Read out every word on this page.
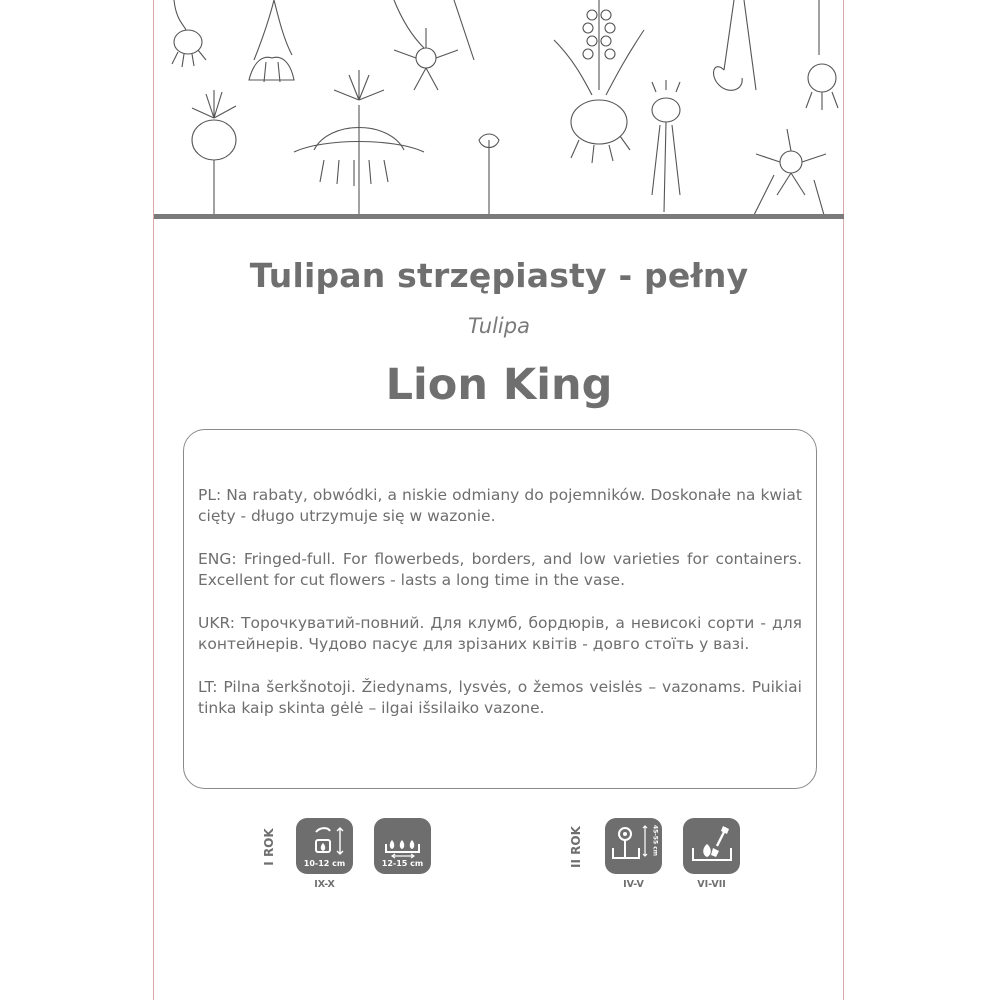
Tulipan strzępiasty - pełny
Tulipa
Lion King

PL: Na rabaty, obwódki, a niskie odmiany do pojemników. Doskonałe na kwiat cięty - długo utrzymuje się w wazonie.

ENG: Fringed-full. For flowerbeds, borders, and low varieties for containers. Excellent for cut flowers - lasts a long time in the vase.

UKR: Торочкуватий-повний. Для клумб, бордюрів, а невисокі сорти - для контейнерів. Чудово пасує для зрізаних квітів - довго стоїть у вазі.

LT: Pilna šerkšnotoji. Žiedynams, lysvės, o žemos veislės – vazonams. Puikiai tinka kaip skinta gėlė – ilgai išsilaiko vazone.

I ROK	10-12 cm
IX-X
12-15 cm	II ROK	45-55 cm
IV-V	VI-VII
